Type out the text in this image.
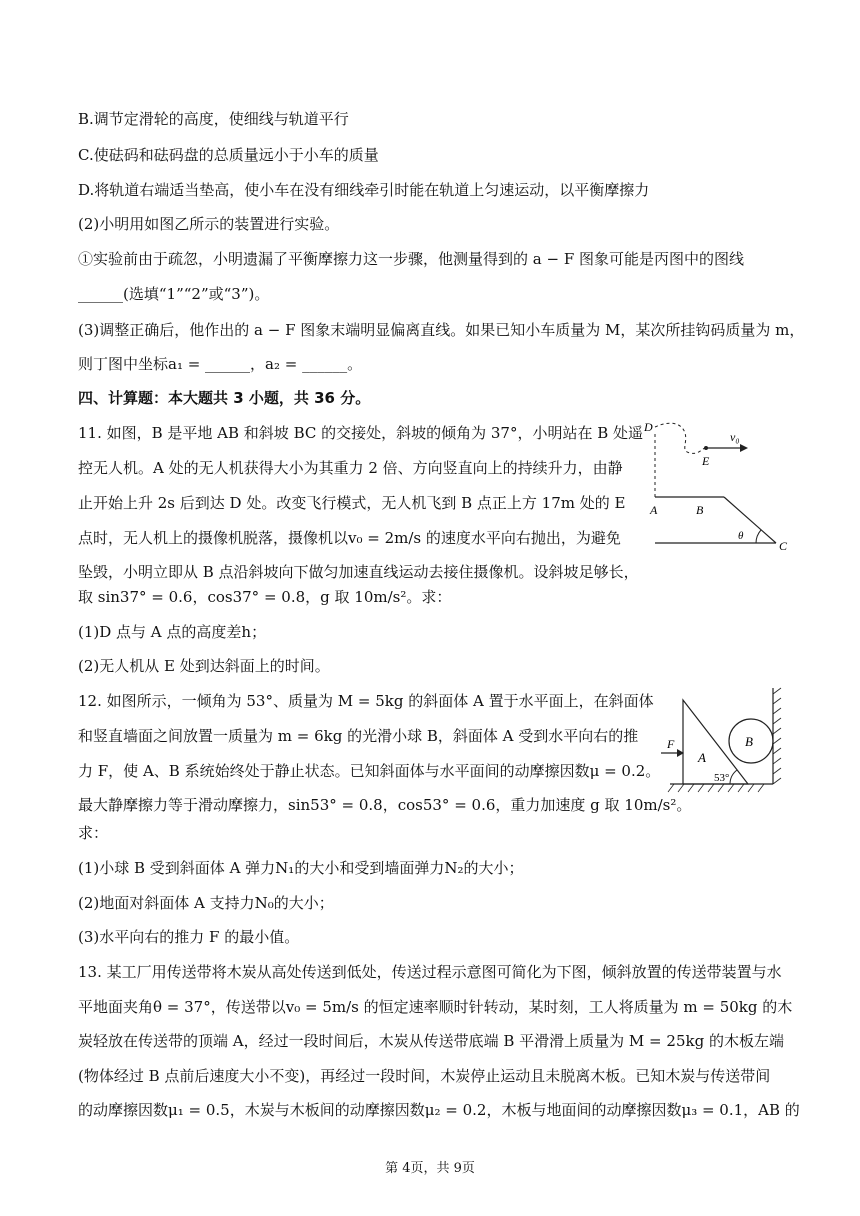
B.调节定滑轮的高度，使细线与轨道平行
C.使砝码和砝码盘的总质量远小于小车的质量
D.将轨道右端适当垫高，使小车在没有细线牵引时能在轨道上匀速运动，以平衡摩擦力
(2)小明用如图乙所示的装置进行实验。
①实验前由于疏忽，小明遗漏了平衡摩擦力这一步骤，他测量得到的 a − F 图象可能是丙图中的图线
______(选填“1”“2”或“3”)。
(3)调整正确后，他作出的 a − F 图象末端明显偏离直线。如果已知小车质量为 M，某次所挂钩码质量为 m，
则丁图中坐标a₁ = ______，a₂ = ______。
四、计算题：本大题共 3 小题，共 36 分。
11. 如图，B 是平地 AB 和斜坡 BC 的交接处，斜坡的倾角为 37°，小明站在 B 处遥
控无人机。A 处的无人机获得大小为其重力 2 倍、方向竖直向上的持续升力，由静
止开始上升 2s 后到达 D 处。改变飞行模式，无人机飞到 B 点正上方 17m 处的 E
点时，无人机上的摄像机脱落，摄像机以v₀ = 2m/s 的速度水平向右抛出，为避免
坠毁，小明立即从 B 点沿斜坡向下做匀加速直线运动去接住摄像机。设斜坡足够长，
取 sin37° = 0.6，cos37° = 0.8，g 取 10m/s²。求：
(1)D 点与 A 点的高度差h；
(2)无人机从 E 处到达斜面上的时间。
12. 如图所示，一倾角为 53°、质量为 M = 5kg 的斜面体 A 置于水平面上，在斜面体
和竖直墙面之间放置一质量为 m = 6kg 的光滑小球 B，斜面体 A 受到水平向右的推
力 F，使 A、B 系统始终处于静止状态。已知斜面体与水平面间的动摩擦因数μ = 0.2。
最大静摩擦力等于滑动摩擦力，sin53° = 0.8，cos53° = 0.6，重力加速度 g 取 10m/s²。
求：
(1)小球 B 受到斜面体 A 弹力N₁的大小和受到墙面弹力N₂的大小；
(2)地面对斜面体 A 支持力N₀的大小；
(3)水平向右的推力 F 的最小值。
13. 某工厂用传送带将木炭从高处传送到低处，传送过程示意图可简化为下图，倾斜放置的传送带装置与水
平地面夹角θ = 37°，传送带以v₀ = 5m/s 的恒定速率顺时针转动，某时刻，工人将质量为 m = 50kg 的木
炭轻放在传送带的顶端 A，经过一段时间后，木炭从传送带底端 B 平滑滑上质量为 M = 25kg 的木板左端
(物体经过 B 点前后速度大小不变)，再经过一段时间，木炭停止运动且未脱离木板。已知木炭与传送带间
的动摩擦因数μ₁ = 0.5，木炭与木板间的动摩擦因数μ₂ = 0.2，木板与地面间的动摩擦因数μ₃ = 0.1，AB 的
D
E
v₀
A	B
C
θ
F
A
B
53°
第 4页，共 9页
